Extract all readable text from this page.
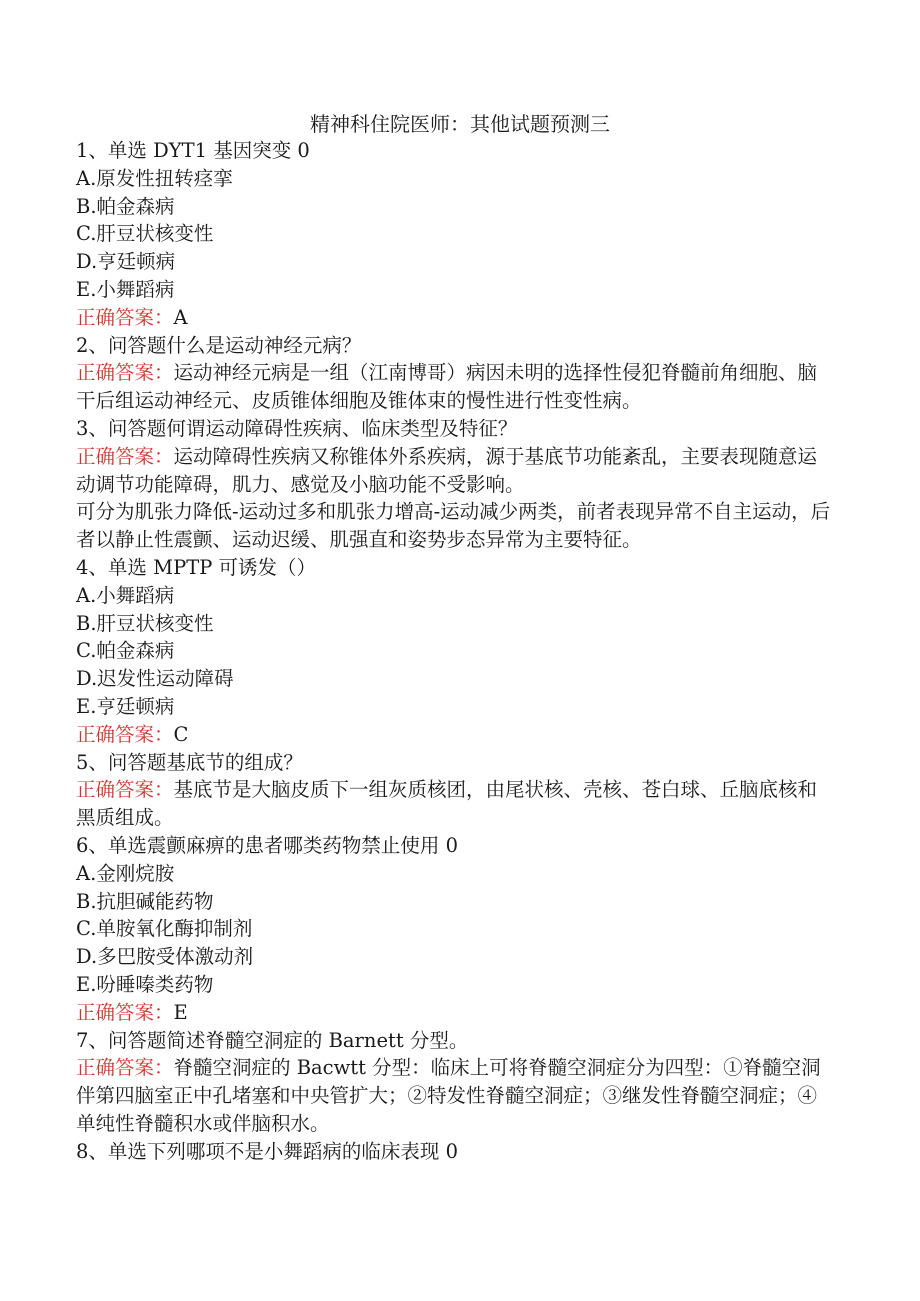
精神科住院医师：其他试题预测三

1、单选 DYT1 基因突变 0

A.原发性扭转痉挛

B.帕金森病

C.肝豆状核变性

D.亨廷顿病

E.小舞蹈病

正确答案：A

2、问答题什么是运动神经元病？

正确答案：运动神经元病是一组（江南博哥）病因未明的选择性侵犯脊髓前角细胞、脑干后组运动神经元、皮质锥体细胞及锥体束的慢性进行性变性病。

3、问答题何谓运动障碍性疾病、临床类型及特征？

正确答案：运动障碍性疾病又称锥体外系疾病，源于基底节功能紊乱，主要表现随意运动调节功能障碍，肌力、感觉及小脑功能不受影响。

可分为肌张力降低-运动过多和肌张力增高-运动减少两类，前者表现异常不自主运动，后者以静止性震颤、运动迟缓、肌强直和姿势步态异常为主要特征。

4、单选 MPTP 可诱发（）

A.小舞蹈病

B.肝豆状核变性

C.帕金森病

D.迟发性运动障碍

E.亨廷顿病

正确答案：C

5、问答题基底节的组成？

正确答案：基底节是大脑皮质下一组灰质核团，由尾状核、壳核、苍白球、丘脑底核和黑质组成。

6、单选震颤麻痹的患者哪类药物禁止使用 0

A.金刚烷胺

B.抗胆碱能药物

C.单胺氧化酶抑制剂

D.多巴胺受体激动剂

E.吩睡嗪类药物

正确答案：E

7、问答题简述脊髓空洞症的 Barnett 分型。

正确答案：脊髓空洞症的 Bacwtt 分型：临床上可将脊髓空洞症分为四型：①脊髓空洞伴第四脑室正中孔堵塞和中央管扩大；②特发性脊髓空洞症；③继发性脊髓空洞症；④单纯性脊髓积水或伴脑积水。

8、单选下列哪项不是小舞蹈病的临床表现 0
